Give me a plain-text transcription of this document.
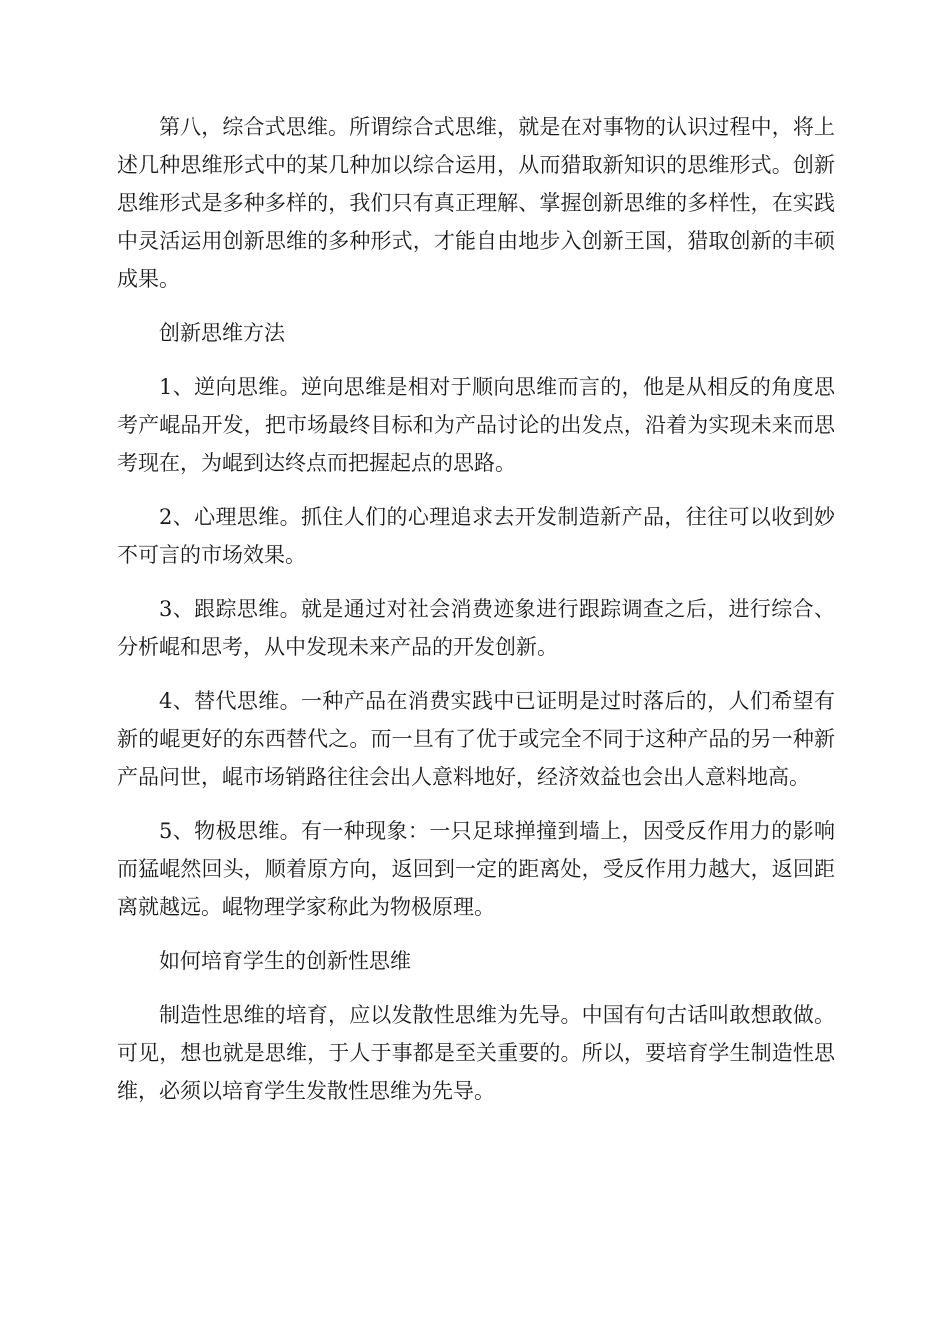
第八，综合式思维。所谓综合式思维，就是在对事物的认识过程中，将上述几种思维形式中的某几种加以综合运用，从而猎取新知识的思维形式。创新思维形式是多种多样的，我们只有真正理解、掌握创新思维的多样性，在实践中灵活运用创新思维的多种形式，才能自由地步入创新王国，猎取创新的丰硕成果。

创新思维方法

1、逆向思维。逆向思维是相对于顺向思维而言的，他是从相反的角度思考产崐品开发，把市场最终目标和为产品讨论的出发点，沿着为实现未来而思考现在，为崐到达终点而把握起点的思路。

2、心理思维。抓住人们的心理追求去开发制造新产品，往往可以收到妙不可言的市场效果。

3、跟踪思维。就是通过对社会消费迹象进行跟踪调查之后，进行综合、分析崐和思考，从中发现未来产品的开发创新。

4、替代思维。一种产品在消费实践中已证明是过时落后的，人们希望有新的崐更好的东西替代之。而一旦有了优于或完全不同于这种产品的另一种新产品问世，崐市场销路往往会出人意料地好，经济效益也会出人意料地高。

5、物极思维。有一种现象：一只足球掸撞到墙上，因受反作用力的影响而猛崐然回头，顺着原方向，返回到一定的距离处，受反作用力越大，返回距离就越远。崐物理学家称此为物极原理。

如何培育学生的创新性思维

制造性思维的培育，应以发散性思维为先导。中国有句古话叫敢想敢做。可见，想也就是思维，于人于事都是至关重要的。所以，要培育学生制造性思维，必须以培育学生发散性思维为先导。
